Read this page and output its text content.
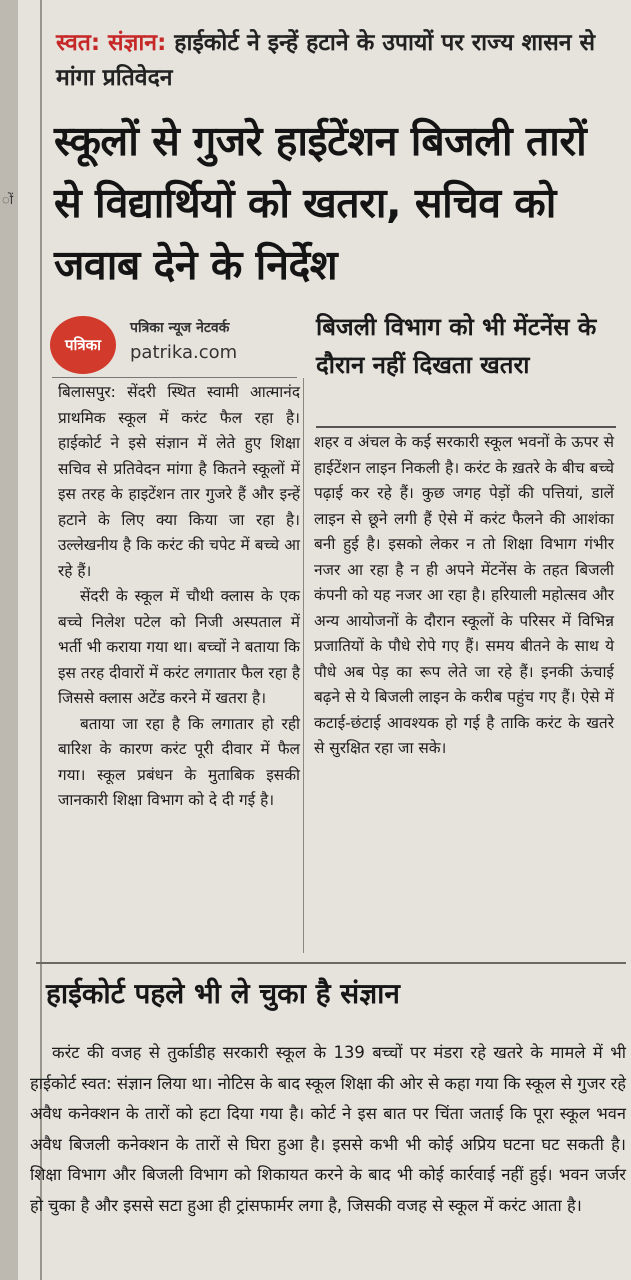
ों
स्वत: संज्ञान: हाईकोर्ट ने इन्हें हटाने के उपायों पर राज्य शासन से मांगा प्रतिवेदन
स्कूलों से गुजरे हाईटेंशन बिजली तारों से विद्यार्थियों को खतरा, सचिव को जवाब देने के निर्देश
पत्रिका
पत्रिका न्यूज नेटवर्क
patrika.com

बिलासपुर: सेंदरी स्थित स्वामी आत्मानंद प्राथमिक स्कूल में करंट फैल रहा है। हाईकोर्ट ने इसे संज्ञान में लेते हुए शिक्षा सचिव से प्रतिवेदन मांगा है कितने स्कूलों में इस तरह के हाइटेंशन तार गुजरे हैं और इन्हें हटाने के लिए क्या किया जा रहा है। उल्लेखनीय है कि करंट की चपेट में बच्चे आ रहे हैं।

सेंदरी के स्कूल में चौथी क्लास के एक बच्चे निलेश पटेल को निजी अस्पताल में भर्ती भी कराया गया था। बच्चों ने बताया कि इस तरह दीवारों में करंट लगातार फैल रहा है जिससे क्लास अटेंड करने में खतरा है।

बताया जा रहा है कि लगातार हो रही बारिश के कारण करंट पूरी दीवार में फैल गया। स्कूल प्रबंधन के मुताबिक इसकी जानकारी शिक्षा विभाग को दे दी गई है।

बिजली विभाग को भी मेंटनेंस के दौरान नहीं दिखता खतरा

शहर व अंचल के कई सरकारी स्कूल भवनों के ऊपर से हाईटेंशन लाइन निकली है। करंट के ख़तरे के बीच बच्चे पढ़ाई कर रहे हैं। कुछ जगह पेड़ों की पत्तियां, डालें लाइन से छूने लगी हैं ऐसे में करंट फैलने की आशंका बनी हुई है। इसको लेकर न तो शिक्षा विभाग गंभीर नजर आ रहा है न ही अपने मेंटनेंस के तहत बिजली कंपनी को यह नजर आ रहा है। हरियाली महोत्सव और अन्य आयोजनों के दौरान स्कूलों के परिसर में विभिन्न प्रजातियों के पौधे रोपे गए हैं। समय बीतने के साथ ये पौधे अब पेड़ का रूप लेते जा रहे हैं। इनकी ऊंचाई बढ़ने से ये बिजली लाइन के करीब पहुंच गए हैं। ऐसे में कटाई-छंटाई आवश्यक हो गई है ताकि करंट के खतरे से सुरक्षित रहा जा सके।

हाईकोर्ट पहले भी ले चुका है संज्ञान

करंट की वजह से तुर्काडीह सरकारी स्कूल के 139 बच्चों पर मंडरा रहे खतरे के मामले में भी हाईकोर्ट स्वत: संज्ञान लिया था। नोटिस के बाद स्कूल शिक्षा की ओर से कहा गया कि स्कूल से गुजर रहे अवैध कनेक्शन के तारों को हटा दिया गया है। कोर्ट ने इस बात पर चिंता जताई कि पूरा स्कूल भवन अवैध बिजली कनेक्शन के तारों से घिरा हुआ है। इससे कभी भी कोई अप्रिय घटना घट सकती है। शिक्षा विभाग और बिजली विभाग को शिकायत करने के बाद भी कोई कार्रवाई नहीं हुई। भवन जर्जर हो चुका है और इससे सटा हुआ ही ट्रांसफार्मर लगा है, जिसकी वजह से स्कूल में करंट आता है।
